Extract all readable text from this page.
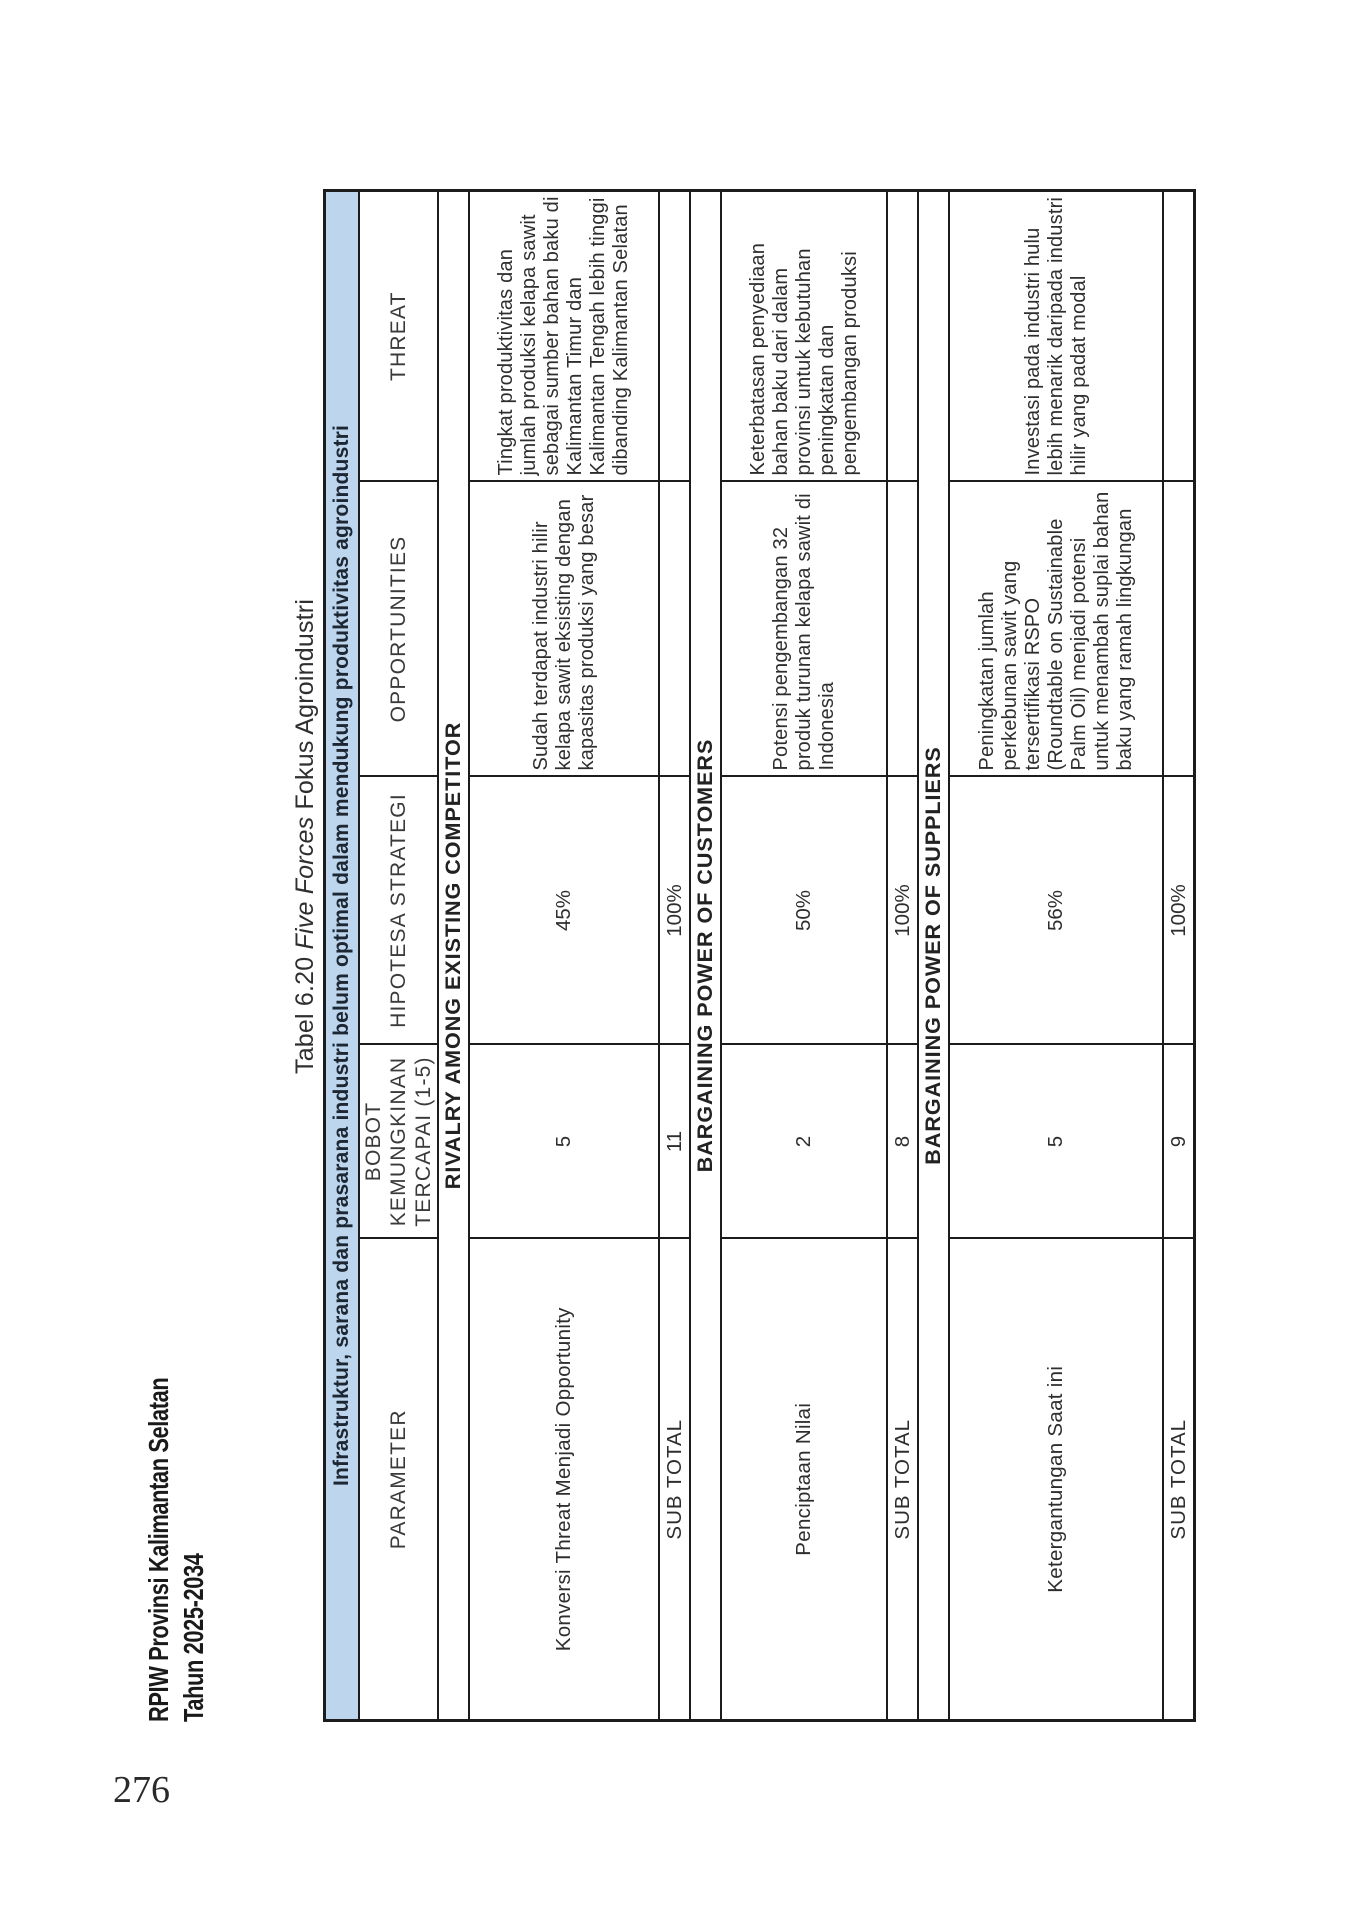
RPIW Provinsi Kalimantan Selatan Tahun 2025-2034
276
Tabel 6.20 Five Forces Fokus Agroindustri Infrastruktur, sarana dan prasarana industri belum optimal dalam mendukung produktivitas agroindustri				
PARAMETER	BOBOT KEMUNGKINAN TERCAPAI (1-5)	HIPOTESA STRATEGI	OPPORTUNITIES	THREAT
RIVALRY AMONG EXISTING COMPETITOR				
Konversi Threat Menjadi Opportunity	5	45%	Sudah terdapat industri hilir kelapa sawit eksisting dengan kapasitas produksi yang besar	Tingkat produktivitas dan jumlah produksi kelapa sawit sebagai sumber bahan baku di Kalimantan Timur dan Kalimantan Tengah lebih tinggi dibanding Kalimantan Selatan
SUB TOTAL	11	100%		
BARGAINING POWER OF CUSTOMERS				
Penciptaan Nilai	2	50%	Potensi pengembangan 32 produk turunan kelapa sawit di Indonesia	Keterbatasan penyediaan bahan baku dari dalam provinsi untuk kebutuhan peningkatan dan pengembangan produksi
SUB TOTAL	8	100%		
BARGAINING POWER OF SUPPLIERS				
Ketergantungan Saat ini	5	56%	Peningkatan jumlah perkebunan sawit yang tersertifikasi RSPO (Roundtable on Sustainable Palm Oil) menjadi potensi untuk menambah suplai bahan baku yang ramah lingkungan	Investasi pada industri hulu lebih menarik daripada industri hilir yang padat modal
SUB TOTAL	9	100%		
